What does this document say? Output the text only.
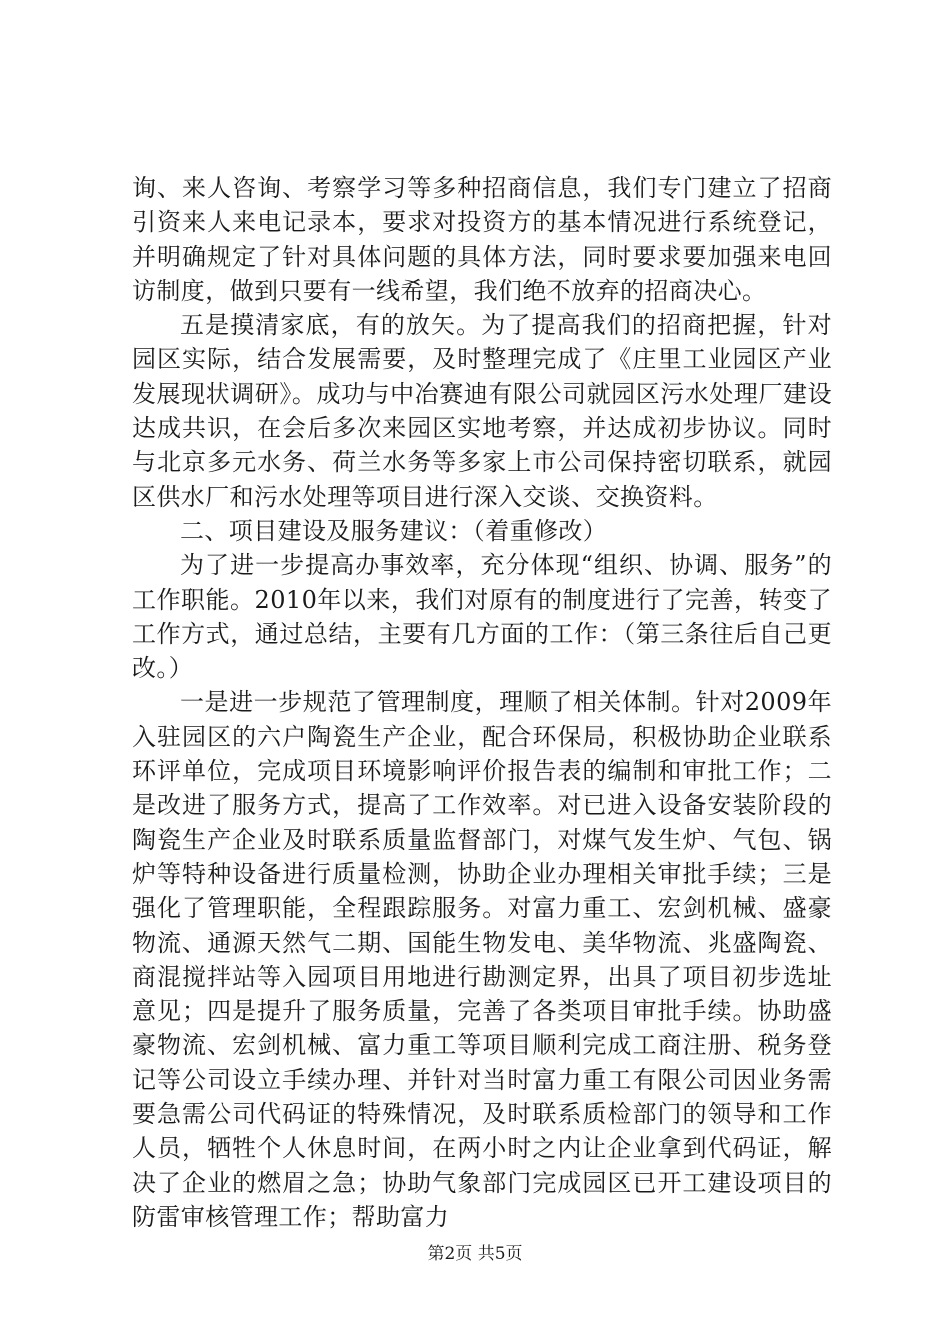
询、来人咨询、考察学习等多种招商信息，我们专门建立了招商引资来人来电记录本，要求对投资方的基本情况进行系统登记，并明确规定了针对具体问题的具体方法，同时要求要加强来电回访制度，做到只要有一线希望，我们绝不放弃的招商决心。

五是摸清家底，有的放矢。为了提高我们的招商把握，针对园区实际，结合发展需要，及时整理完成了《庄里工业园区产业发展现状调研》。成功与中冶赛迪有限公司就园区污水处理厂建设达成共识，在会后多次来园区实地考察，并达成初步协议。同时与北京多元水务、荷兰水务等多家上市公司保持密切联系，就园区供水厂和污水处理等项目进行深入交谈、交换资料。

二、项目建设及服务建议：（着重修改）

为了进一步提高办事效率，充分体现“组织、协调、服务”的工作职能。2010年以来，我们对原有的制度进行了完善，转变了工作方式，通过总结，主要有几方面的工作：（第三条往后自己更改。）

一是进一步规范了管理制度，理顺了相关体制。针对2009年入驻园区的六户陶瓷生产企业，配合环保局，积极协助企业联系环评单位，完成项目环境影响评价报告表的编制和审批工作；二是改进了服务方式，提高了工作效率。对已进入设备安装阶段的陶瓷生产企业及时联系质量监督部门，对煤气发生炉、气包、锅炉等特种设备进行质量检测，协助企业办理相关审批手续；三是强化了管理职能，全程跟踪服务。对富力重工、宏剑机械、盛豪物流、通源天然气二期、国能生物发电、美华物流、兆盛陶瓷、商混搅拌站等入园项目用地进行勘测定界，出具了项目初步选址意见；四是提升了服务质量，完善了各类项目审批手续。协助盛豪物流、宏剑机械、富力重工等项目顺利完成工商注册、税务登记等公司设立手续办理、并针对当时富力重工有限公司因业务需要急需公司代码证的特殊情况，及时联系质检部门的领导和工作人员，牺牲个人休息时间，在两小时之内让企业拿到代码证，解决了企业的燃眉之急；协助气象部门完成园区已开工建设项目的防雷审核管理工作；帮助富力

第2页 共5页
